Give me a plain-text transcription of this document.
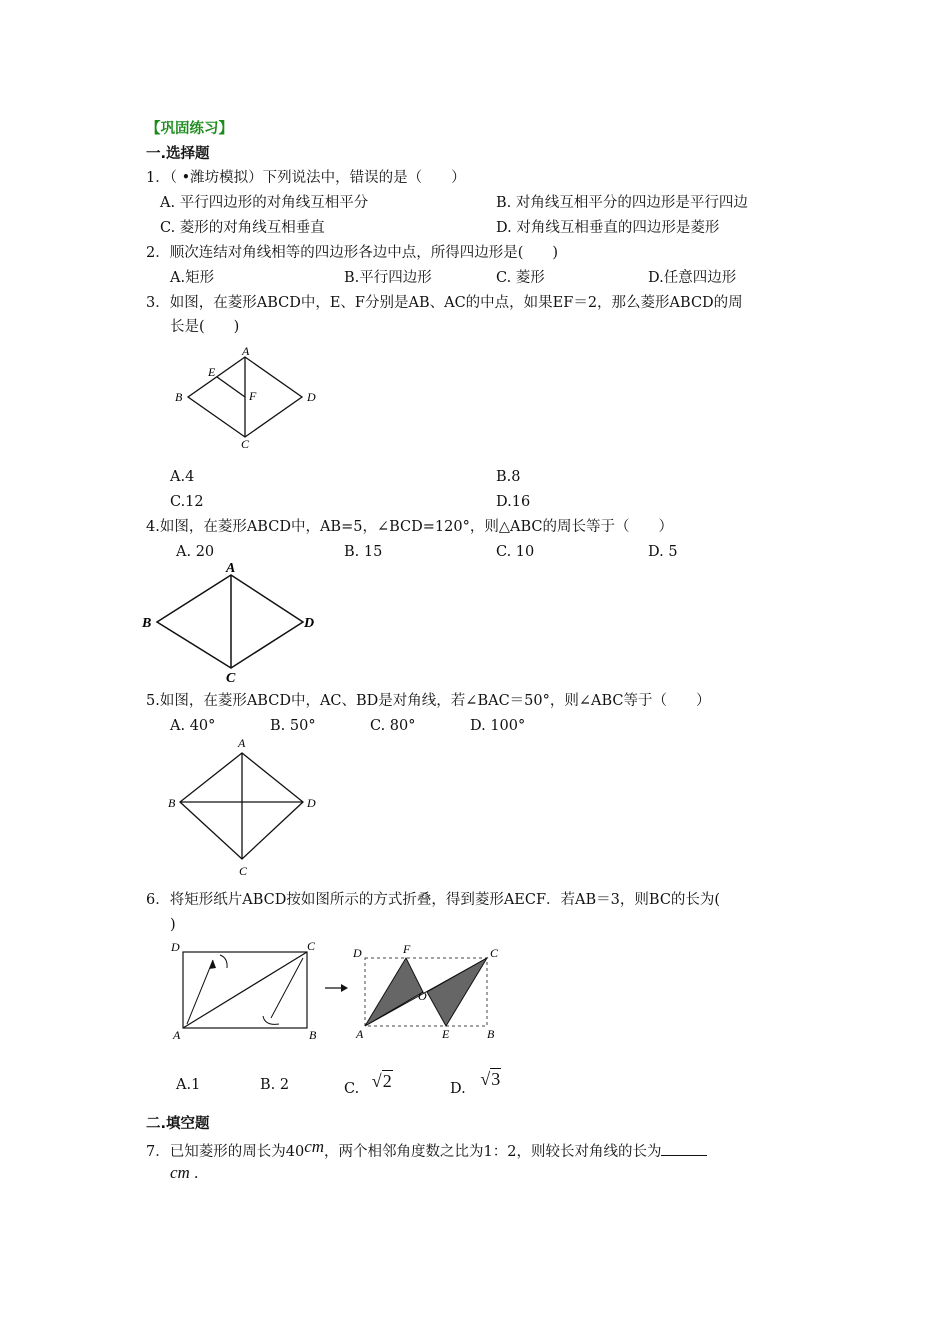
【巩固练习】
一.选择题
1．（ •潍坊模拟）下列说法中，错误的是（　　）
A. 平行四边形的对角线互相平分	B. 对角线互相平分的四边形是平行四边
C. 菱形的对角线互相垂直	D. 对角线互相垂直的四边形是菱形
2．顺次连结对角线相等的四边形各边中点，所得四边形是(　　)
A.矩形	B.平行四边形	C. 菱形	D.任意四边形
3．如图，在菱形ABCD中，E、F分别是AB、AC的中点，如果EF＝2，那么菱形ABCD的周
长是(　　)
A
B
C
D
E
F
A.4	B.8
C.12	D.16
4.如图，在菱形ABCD中，AB=5，∠BCD=120°，则△ABC的周长等于（　　）
A. 20	B. 15	C. 10	D. 5
A
B
C
D
5.如图，在菱形ABCD中，AC、BD是对角线，若∠BAC＝50°，则∠ABC等于（　　）
A. 40°	B. 50°	C. 80°	D. 100°
A
B
C
D
6．将矩形纸片ABCD按如图所示的方式折叠，得到菱形AECF．若AB＝3，则BC的长为(
)
D	C
A	B
D	F	C
O
A	E	B
A.1	B. 2	C. √2	D. √3
二.填空题
7．已知菱形的周长为40cm，两个相邻角度数之比为1：2，则较长对角线的长为
cm .
